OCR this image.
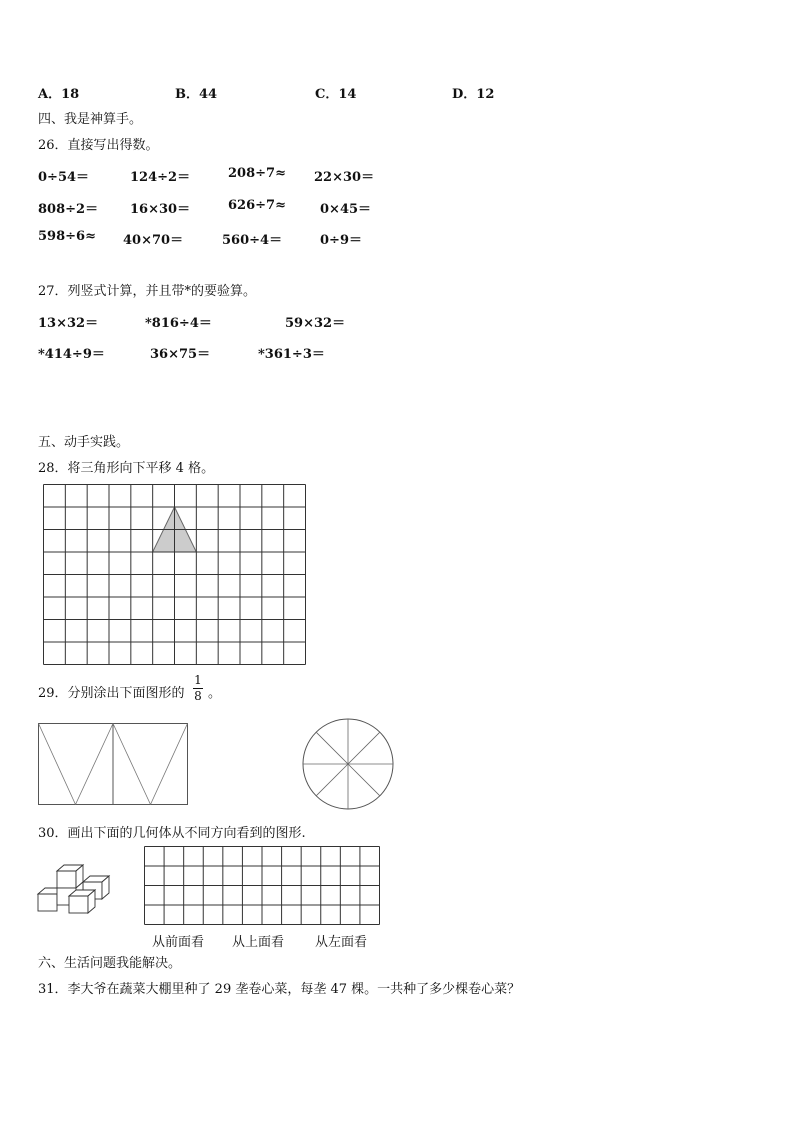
A．18	B．44	C．14	D．12
四、我是神算手。
26．直接写出得数。
0÷54＝	124÷2＝	208÷7≈ 22×30＝
808÷2＝ 16×30＝	626÷7≈	0×45＝
598÷6≈ 40×70＝	560÷4＝	0÷9＝
27．列竖式计算，并且带*的要验算。
13×32＝	*816÷4＝	59×32＝
*414÷9＝	36×75＝	*361÷3＝
五、动手实践。
28．将三角形向下平移 4 格。
29．分别涂出下面图形的
1
8 。
30．画出下面的几何体从不同方向看到的图形.
从前面看 从上面看 从左面看
六、生活问题我能解决。
31．李大爷在蔬菜大棚里种了 29 垄卷心菜，每垄 47 棵。一共种了多少棵卷心菜？
